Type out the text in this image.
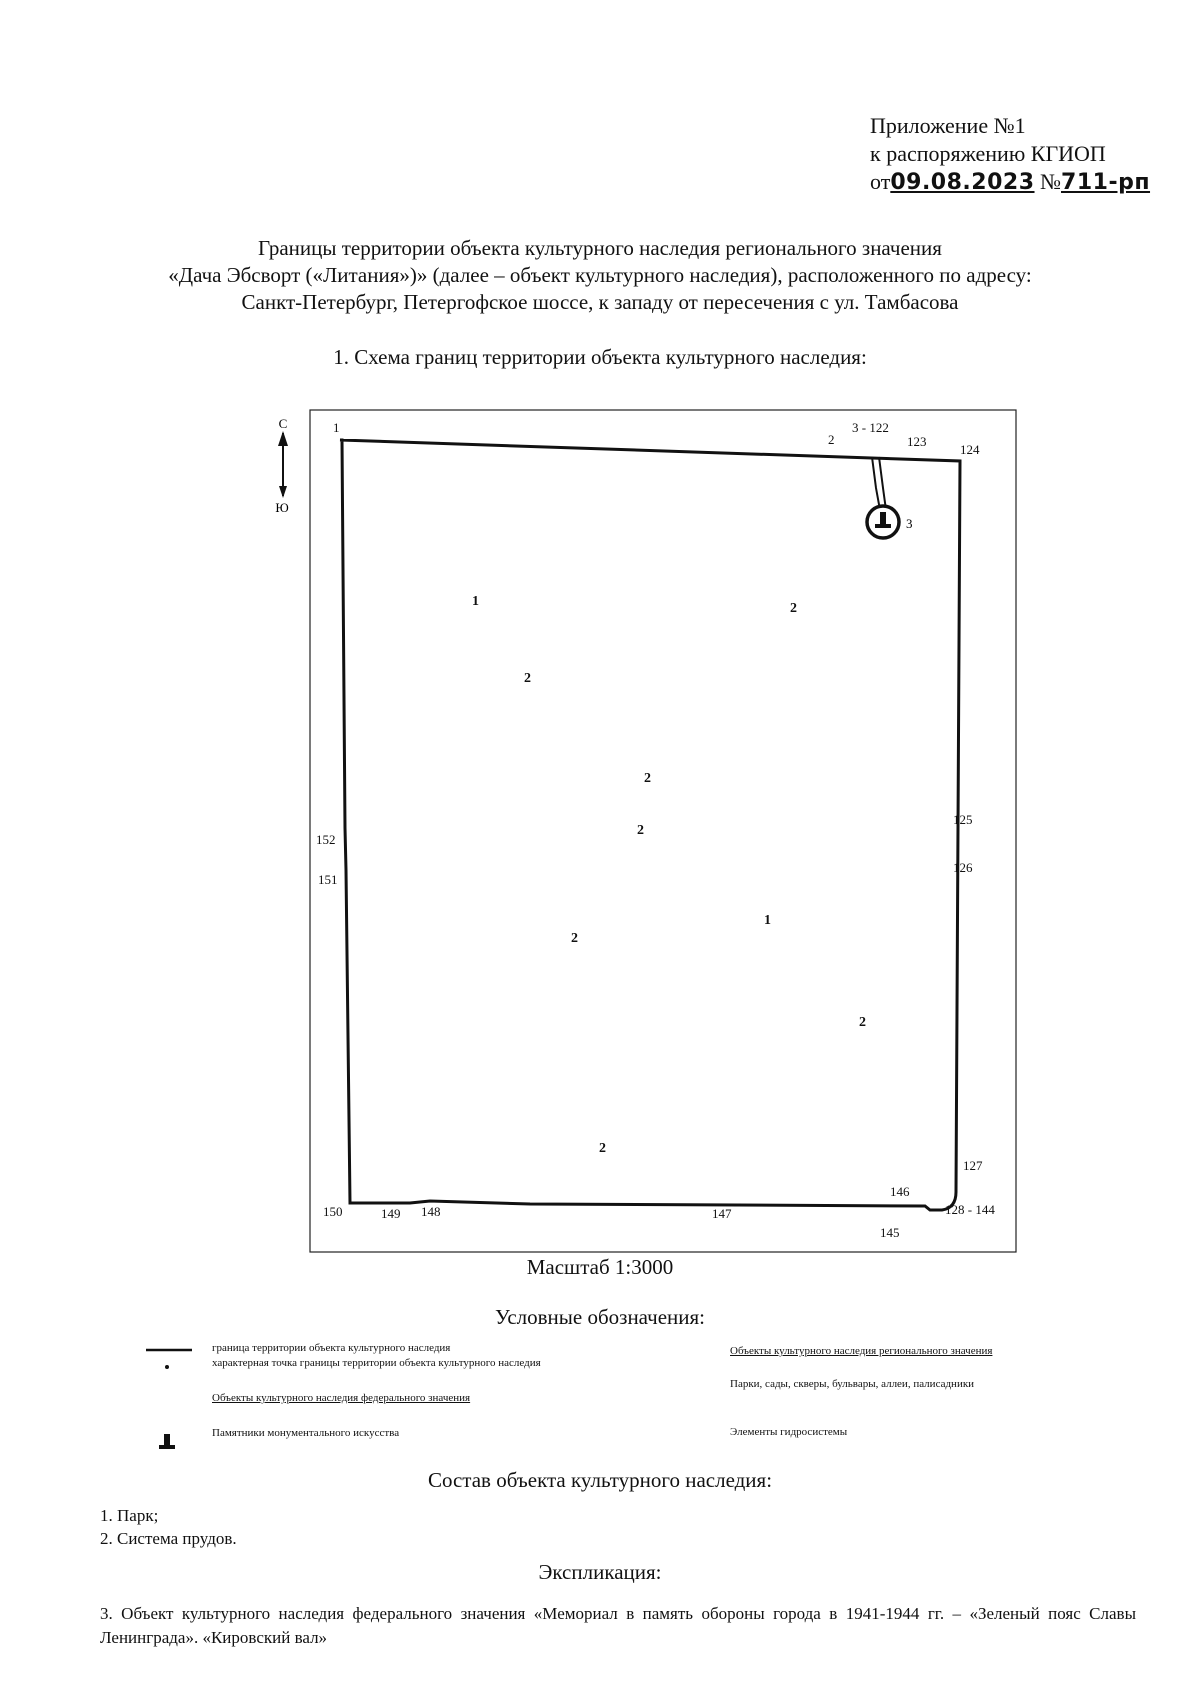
Приложение №1
к распоряжению КГИОП
от09.08.2023 №711-рп
Границы территории объекта культурного наследия регионального значения
«Дача Эбсворт («Литания»)» (далее – объект культурного наследия), расположенного по адресу:
Санкт-Петербург, Петергофское шоссе, к западу от пересечения с ул. Тамбасова
1. Схема границ территории объекта культурного наследия:
С
Ю
3
1
2
3 - 122
123
124
125
126
127
128 - 144
145
146
147
148
149
150
151
152
1	2
2
2
2
2
1
2
2
Масштаб 1:3000
Условные обозначения:
граница территории объекта культурного наследия
характерная точка границы территории объекта культурного наследия
Объекты культурного наследия федерального значения
Памятники монументального искусства
Объекты культурного наследия регионального значения
Парки, сады, скверы, бульвары, аллеи, палисадники
Элементы гидросистемы
Состав объекта культурного наследия:
1. Парк;
2. Система прудов.
Экспликация:
3. Объект культурного наследия федерального значения «Мемориал в память обороны города в 1941-1944 гг. – «Зеленый пояс Славы Ленинграда». «Кировский вал»
